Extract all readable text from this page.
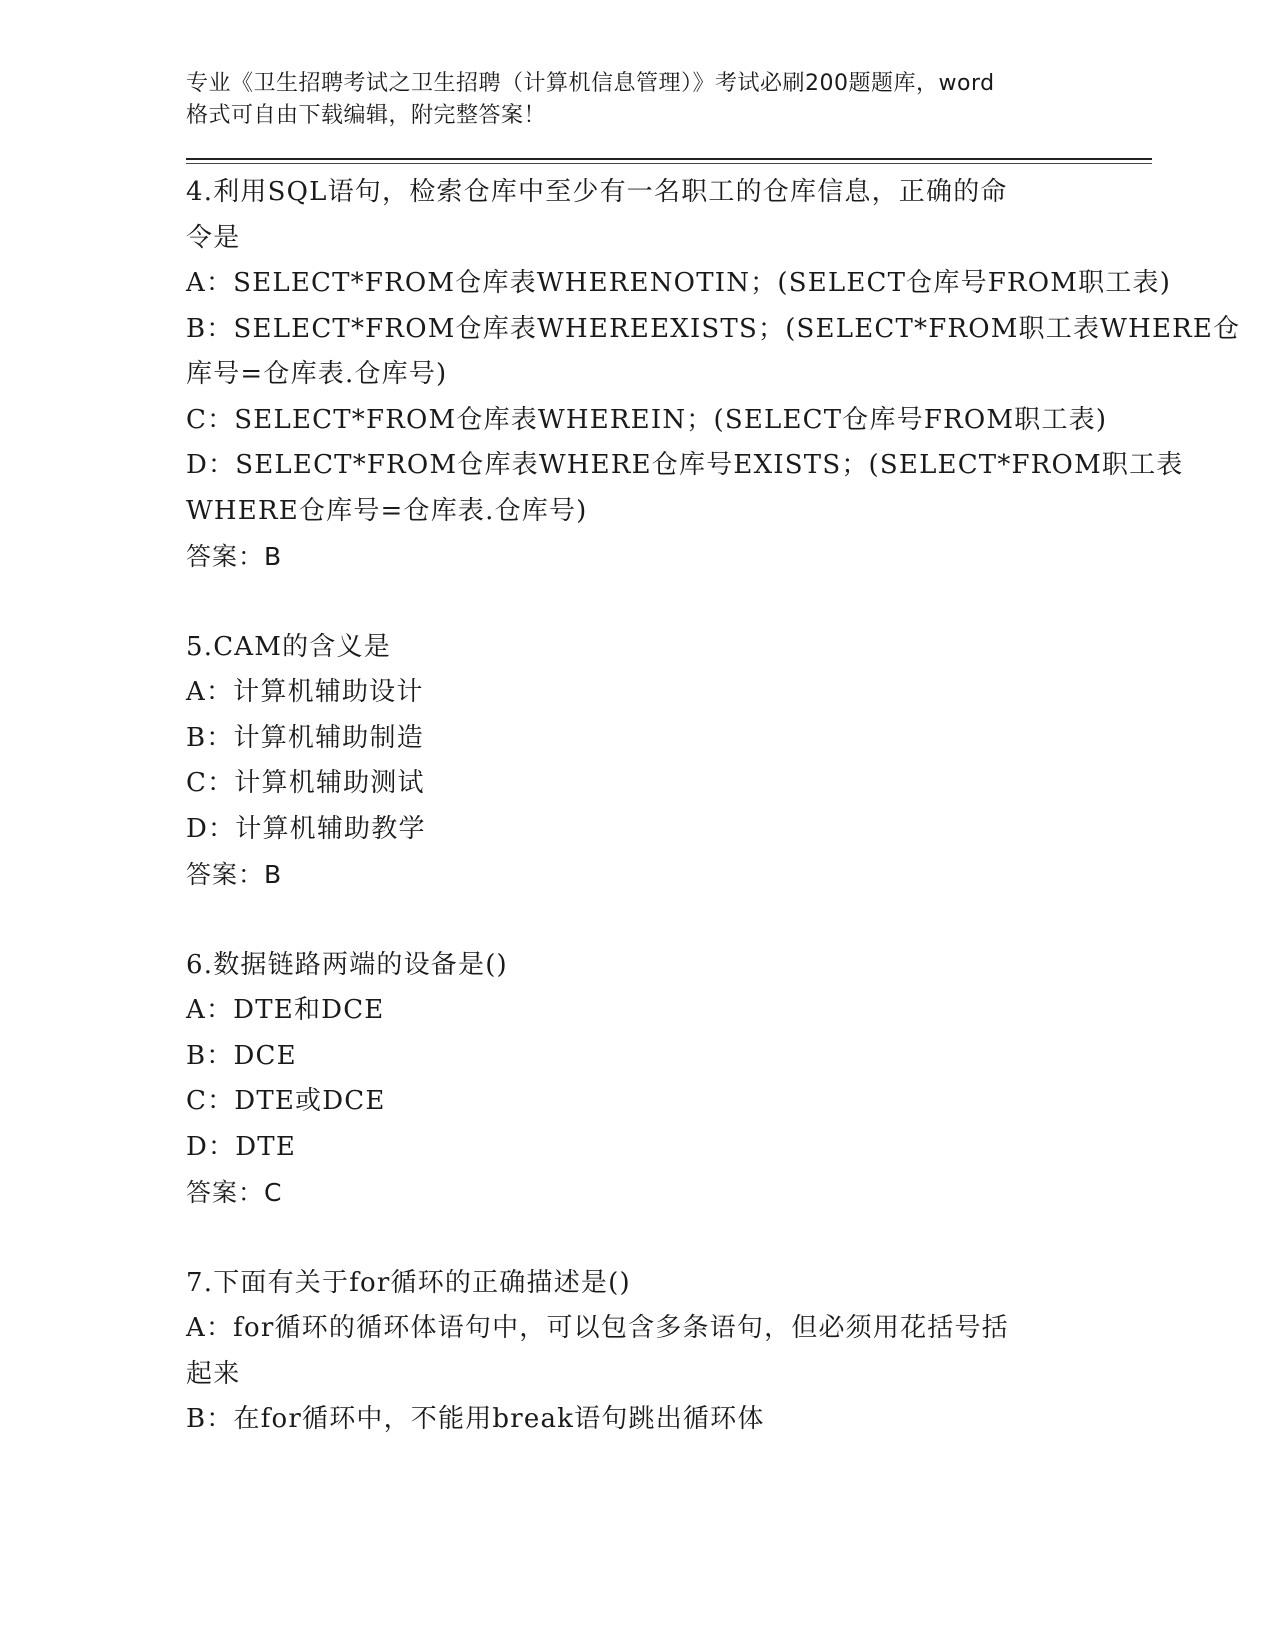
专业《卫生招聘考试之卫生招聘（计算机信息管理）》考试必刷200题题库，word
格式可自由下载编辑，附完整答案！
4.利用SQL语句，检索仓库中至少有一名职工的仓库信息，正确的命
令是
A：SELECT*FROM仓库表WHERENOTIN；(SELECT仓库号FROM职工表)
B：SELECT*FROM仓库表WHEREEXISTS；(SELECT*FROM职工表WHERE仓
库号=仓库表.仓库号)
C：SELECT*FROM仓库表WHEREIN；(SELECT仓库号FROM职工表)
D：SELECT*FROM仓库表WHERE仓库号EXISTS；(SELECT*FROM职工表
WHERE仓库号=仓库表.仓库号)
答案：B
5.CAM的含义是
A：计算机辅助设计
B：计算机辅助制造
C：计算机辅助测试
D：计算机辅助教学
答案：B
6.数据链路两端的设备是()
A：DTE和DCE
B：DCE
C：DTE或DCE
D：DTE
答案：C
7.下面有关于for循环的正确描述是()
A：for循环的循环体语句中，可以包含多条语句，但必须用花括号括
起来
B：在for循环中，不能用break语句跳出循环体
